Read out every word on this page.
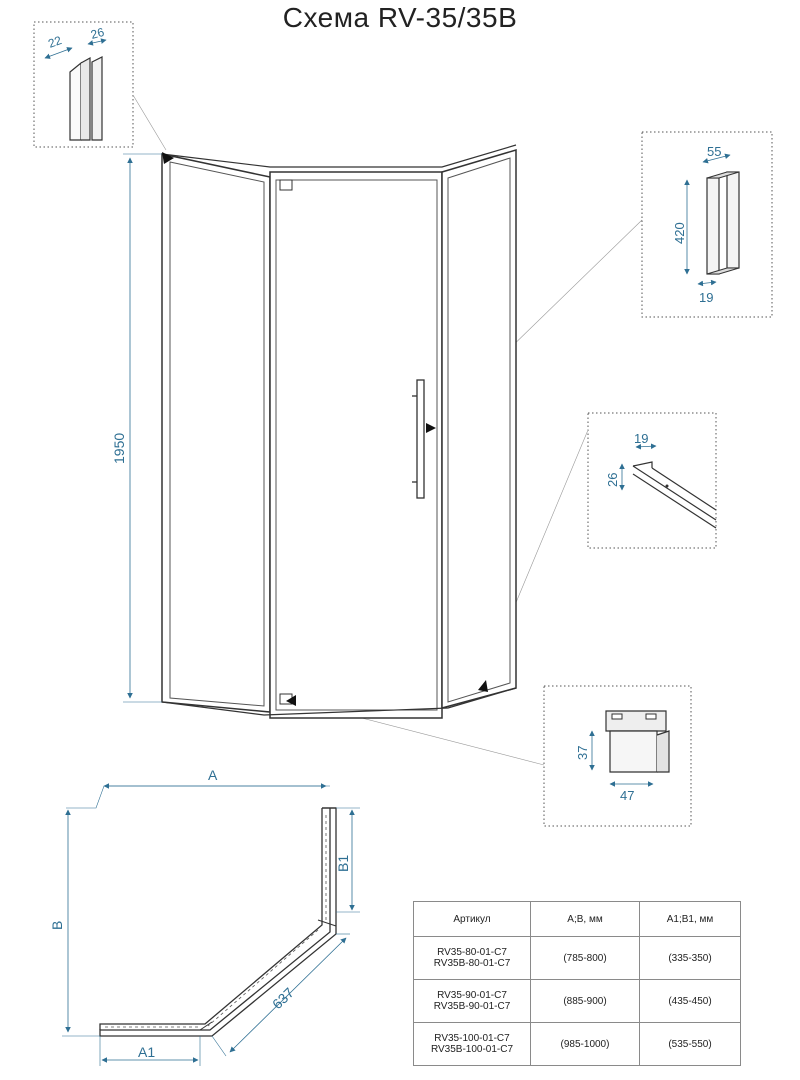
Схема RV-35/35B
22 26
55
420
19
19
26
37
47
1950
A
B
B1
A1
637
Артикул	A;B, мм	A1;B1, мм

RV35-80-01-C7
RV35B-80-01-C7	(785-800)	(335-350)

RV35-90-01-C7
RV35B-90-01-C7	(885-900)	(435-450)

RV35-100-01-C7
RV35B-100-01-C7	(985-1000)	(535-550)
